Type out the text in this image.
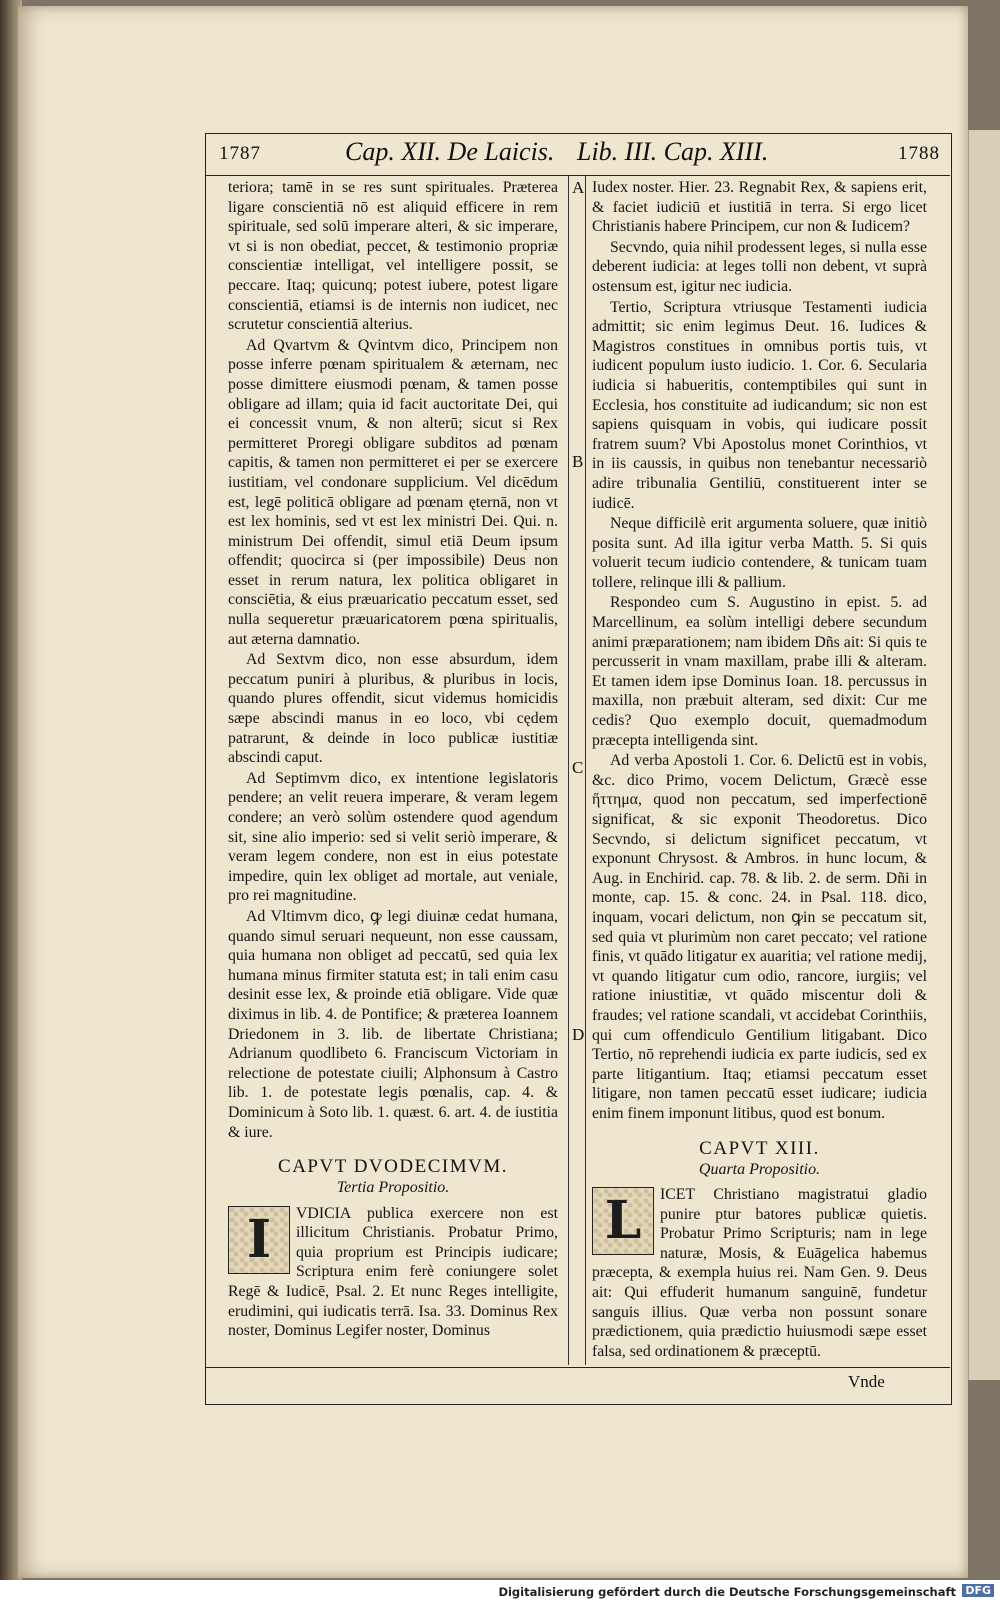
1787	Cap. XII. De Laicis. Lib. III. Cap. XIII.	1788
A
B
C
D

teriora; tamē in se res sunt spirituales. Præterea ligare conscientiā nō est aliquid efficere in rem spirituale, sed solū imperare alteri, & sic imperare, vt si is non obediat, peccet, & testimonio propriæ conscientiæ intelligat, vel intelligere possit, se peccare. Itaq; quicunq; potest iubere, potest ligare conscientiā, etiamsi is de internis non iudicet, nec scrutetur conscientiā alterius.

Ad Qvartvm & Qvintvm dico, Principem non posse inferre pœnam spiritualem & æternam, nec posse dimittere eiusmodi pœnam, & tamen posse obligare ad illam; quia id facit auctoritate Dei, qui ei concessit vnum, & non alterū; sicut si Rex permitteret Proregi obligare subditos ad pœnam capitis, & tamen non permitteret ei per se exercere iustitiam, vel condonare supplicium. Vel dicēdum est, legē politicā obligare ad pœnam ęternā, non vt est lex hominis, sed vt est lex ministri Dei. Qui. n. ministrum Dei offendit, simul etiā Deum ipsum offendit; quocirca si (per impossibile) Deus non esset in rerum natura, lex politica obligaret in consciētia, & eius præuaricatio peccatum esset, sed nulla sequeretur præuaricatorem pœna spiritualis, aut æterna damnatio.

Ad Sextvm dico, non esse absurdum, idem peccatum puniri à pluribus, & pluribus in locis, quando plures offendit, sicut videmus homicidis sæpe abscindi manus in eo loco, vbi cędem patrarunt, & deinde in loco publicæ iustitiæ abscindi caput.

Ad Septimvm dico, ex intentione legislatoris pendere; an velit reuera imperare, & veram legem condere; an verò solùm ostendere quod agendum sit, sine alio imperio: sed si velit seriò imperare, & veram legem condere, non est in eius potestate impedire, quin lex obliget ad mortale, aut veniale, pro rei magnitudine.

Ad Vltimvm dico, ꝙ legi diuinæ cedat humana, quando simul seruari nequeunt, non esse caussam, quia humana non obliget ad peccatū, sed quia lex humana minus firmiter statuta est; in tali enim casu desinit esse lex, & proinde etiā obligare. Vide quæ diximus in lib. 4. de Pontifice; & præterea Ioannem Driedonem in 3. lib. de libertate Christiana; Adrianum quodlibeto 6. Franciscum Victoriam in relectione de potestate ciuili; Alphonsum à Castro lib. 1. de potestate legis pœnalis, cap. 4. & Dominicum à Soto lib. 1. quæst. 6. art. 4. de iustitia & iure.

CAPVT DVODECIMVM.
Tertia Propositio.
I	VDICIA publica exercere non est illicitum Christianis. Probatur Primo, quia proprium est Principis iudicare; Scriptura enim ferè coniungere solet Regē & Iudicē, Psal. 2. Et nunc Reges intelligite, erudimini, qui iudicatis terrā. Isa. 33. Dominus Rex noster, Dominus Legifer noster, Dominus

Iudex noster. Hier. 23. Regnabit Rex, & sapiens erit, & faciet iudiciū et iustitiā in terra. Si ergo licet Christianis habere Principem, cur non & Iudicem?

Secvndo, quia nihil prodessent leges, si nulla esse deberent iudicia: at leges tolli non debent, vt suprà ostensum est, igitur nec iudicia.

Tertio, Scriptura vtriusque Testamenti iudicia admittit; sic enim legimus Deut. 16. Iudices & Magistros constitues in omnibus portis tuis, vt iudicent populum iusto iudicio. 1. Cor. 6. Secularia iudicia si habueritis, contemptibiles qui sunt in Ecclesia, hos constituite ad iudicandum; sic non est sapiens quisquam in vobis, qui iudicare possit fratrem suum? Vbi Apostolus monet Corinthios, vt in iis caussis, in quibus non tenebantur necessariò adire tribunalia Gentiliū, constituerent inter se iudicē.

Neque difficilè erit argumenta soluere, quæ initiò posita sunt. Ad illa igitur verba Matth. 5. Si quis voluerit tecum iudicio contendere, & tunicam tuam tollere, relinque illi & pallium.

Respondeo cum S. Augustino in epist. 5. ad Marcellinum, ea solùm intelligi debere secundum animi præparationem; nam ibidem Dñs ait: Si quis te percusserit in vnam maxillam, prabe illi & alteram. Et tamen idem ipse Dominus Ioan. 18. percussus in maxilla, non præbuit alteram, sed dixit: Cur me cedis? Quo exemplo docuit, quemadmodum præcepta intelligenda sint.

Ad verba Apostoli 1. Cor. 6. Delictū est in vobis, &c. dico Primo, vocem Delictum, Græcè esse ἥττημα, quod non peccatum, sed imperfectionē significat, & sic exponit Theodoretus. Dico Secvndo, si delictum significet peccatum, vt exponunt Chrysost. & Ambros. in hunc locum, & Aug. in Enchirid. cap. 78. & lib. 2. de serm. Dñi in monte, cap. 15. & conc. 24. in Psal. 118. dico, inquam, vocari delictum, non ꝙin se peccatum sit, sed quia vt plurimùm non caret peccato; vel ratione finis, vt quādo litigatur ex auaritia; vel ratione medij, vt quando litigatur cum odio, rancore, iurgiis; vel ratione iniustitiæ, vt quādo miscentur doli & fraudes; vel ratione scandali, vt accidebat Corinthiis, qui cum offendiculo Gentilium litigabant. Dico Tertio, nō reprehendi iudicia ex parte iudicis, sed ex parte litigantium. Itaq; etiamsi peccatum esset litigare, non tamen peccatū esset iudicare; iudicia enim finem imponunt litibus, quod est bonum.

CAPVT XIII.
Quarta Propositio.
L	ICET Christiano magistratui gladio punire ptur batores publicæ quietis. Probatur Primo Scripturis; nam in lege naturæ, Mosis, & Euāgelica habemus præcepta, & exempla huius rei. Nam Gen. 9. Deus ait: Qui effuderit humanum sanguinē, fundetur sanguis illius. Quæ verba non possunt sonare prædictionem, quia prædictio huiusmodi sæpe esset falsa, sed ordinationem & præceptū.

Vnde
Digitalisierung gefördert durch die Deutsche Forschungsgemeinschaft DFG
